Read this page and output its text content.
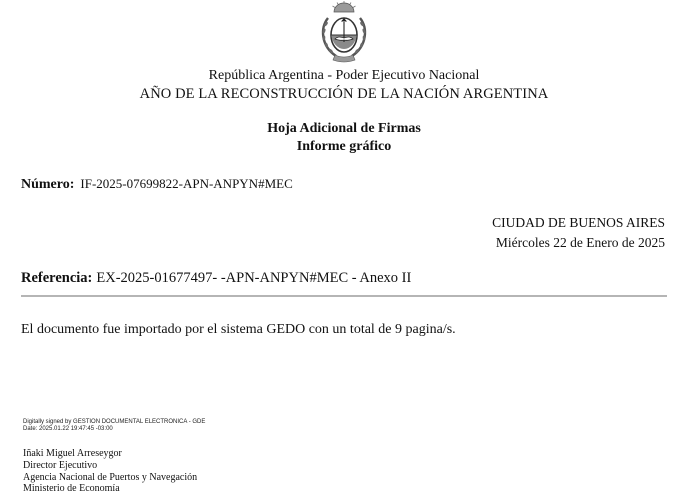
República Argentina - Poder Ejecutivo Nacional
AÑO DE LA RECONSTRUCCIÓN DE LA NACIÓN ARGENTINA
Hoja Adicional de Firmas
Informe gráfico
Número: IF-2025-07699822-APN-ANPYN#MEC
CIUDAD DE BUENOS AIRES
Miércoles 22 de Enero de 2025
Referencia: EX-2025-01677497- -APN-ANPYN#MEC - Anexo II
El documento fue importado por el sistema GEDO con un total de 9 pagina/s.
Digitally signed by GESTION DOCUMENTAL ELECTRONICA - GDE
Date: 2025.01.22 19:47:45 -03:00
Iñaki Miguel Arreseygor
Director Ejecutivo
Agencia Nacional de Puertos y Navegación
Ministerio de Economía
